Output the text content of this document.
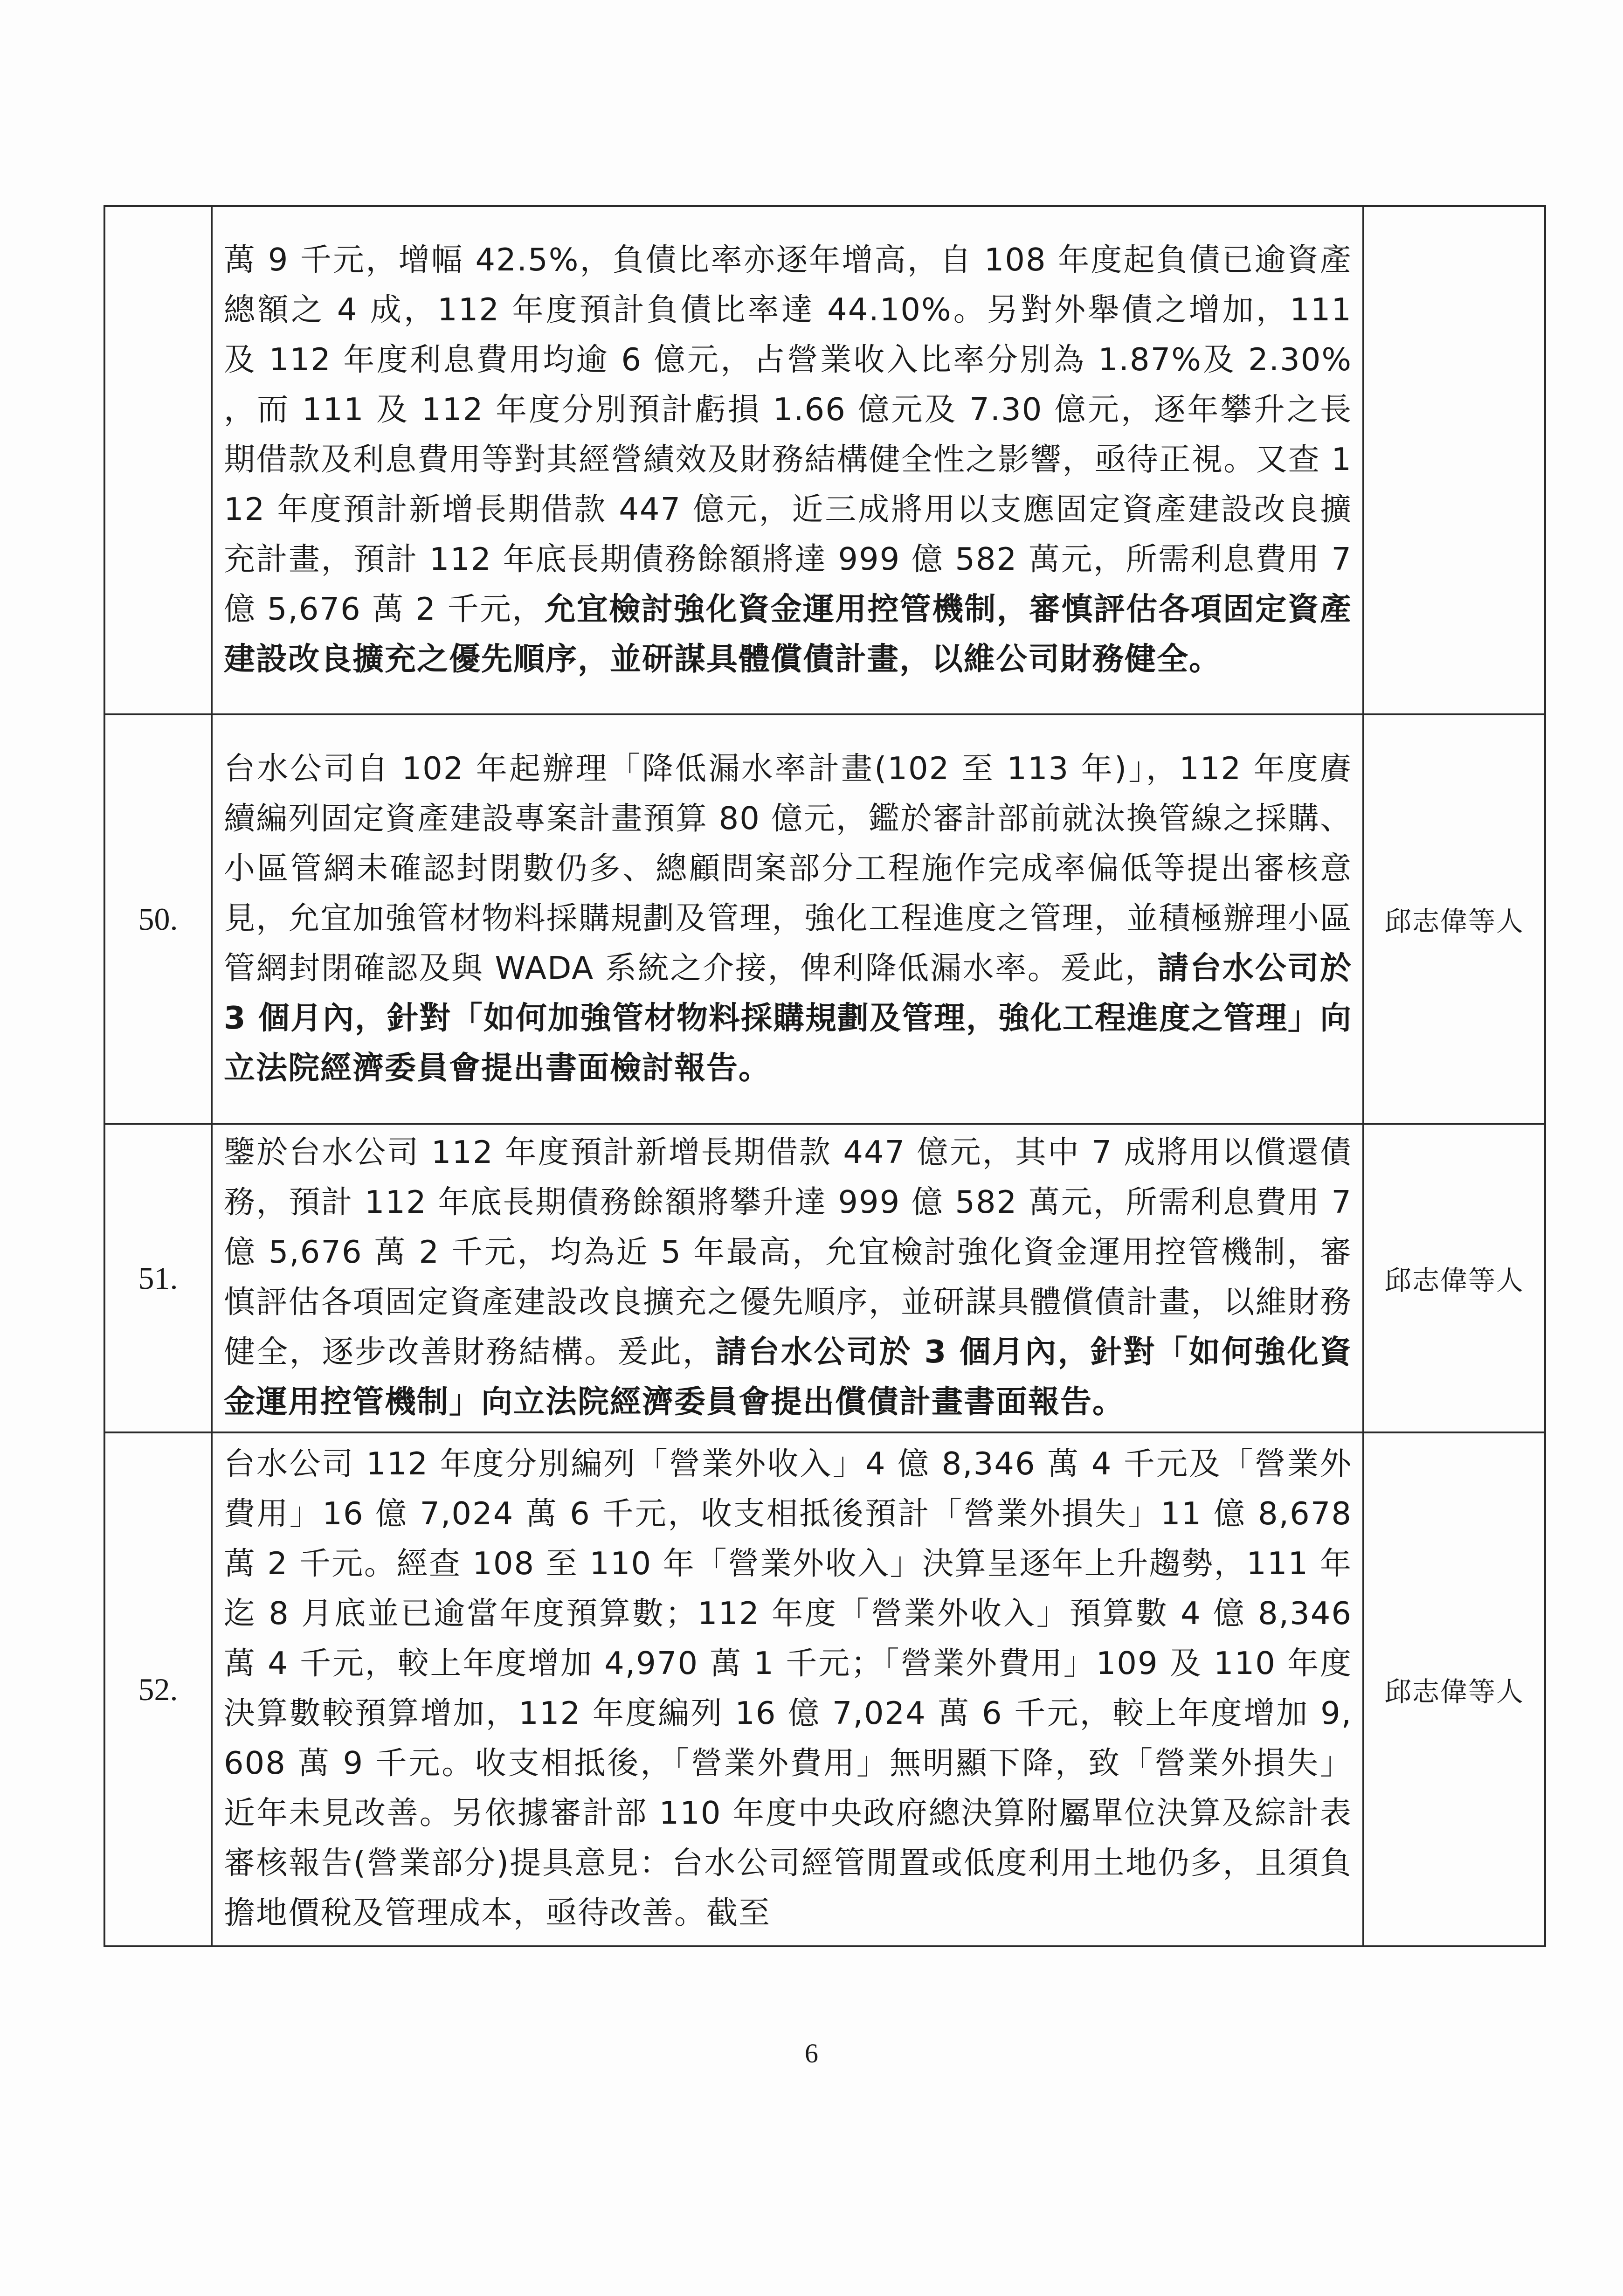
	萬 9 千元，增幅 42.5%，負債比率亦逐年增高，自 108 年度起負債已逾資產總額之 4 成，112 年度預計負債比率達 44.10%。另對外舉債之增加，111 及 112 年度利息費用均逾 6 億元，占營業收入比率分別為 1.87%及 2.30% ，而 111 及 112 年度分別預計虧損 1.66 億元及 7.30 億元，逐年攀升之長期借款及利息費用等對其經營績效及財務結構健全性之影響，亟待正視。又查 112 年度預計新增長期借款 447 億元，近三成將用以支應固定資產建設改良擴充計畫，預計 112 年底長期債務餘額將達 999 億 582 萬元，所需利息費用 7 億 5,676 萬 2 千元，允宜檢討強化資金運用控管機制，審慎評估各項固定資產建設改良擴充之優先順序，並研謀具體償債計畫，以維公司財務健全。	

50.	台水公司自 102 年起辦理「降低漏水率計畫(102 至 113 年)」，112 年度賡續編列固定資產建設專案計畫預算 80 億元，鑑於審計部前就汰換管線之採購、小區管網未確認封閉數仍多、總顧問案部分工程施作完成率偏低等提出審核意見，允宜加強管材物料採購規劃及管理，強化工程進度之管理，並積極辦理小區管網封閉確認及與 WADA 系統之介接，俾利降低漏水率。爰此，請台水公司於 3 個月內，針對「如何加強管材物料採購規劃及管理，強化工程進度之管理」向立法院經濟委員會提出書面檢討報告。	邱志偉等人
51.	鑒於台水公司 112 年度預計新增長期借款 447 億元，其中 7 成將用以償還債務，預計 112 年底長期債務餘額將攀升達 999 億 582 萬元，所需利息費用 7 億 5,676 萬 2 千元，均為近 5 年最高，允宜檢討強化資金運用控管機制，審慎評估各項固定資產建設改良擴充之優先順序，並研謀具體償債計畫，以維財務健全，逐步改善財務結構。爰此，請台水公司於 3 個月內，針對「如何強化資金運用控管機制」向立法院經濟委員會提出償債計畫書面報告。	邱志偉等人
52.	台水公司 112 年度分別編列「營業外收入」4 億 8,346 萬 4 千元及「營業外費用」16 億 7,024 萬 6 千元，收支相抵後預計「營業外損失」11 億 8,678 萬 2 千元。經查 108 至 110 年「營業外收入」決算呈逐年上升趨勢，111 年迄 8 月底並已逾當年度預算數；112 年度「營業外收入」預算數 4 億 8,346 萬 4 千元，較上年度增加 4,970 萬 1 千元；「營業外費用」109 及 110 年度決算數較預算增加，112 年度編列 16 億 7,024 萬 6 千元，較上年度增加 9,608 萬 9 千元。收支相抵後，「營業外費用」無明顯下降，致「營業外損失」近年未見改善。另依據審計部 110 年度中央政府總決算附屬單位決算及綜計表審核報告(營業部分)提具意見：台水公司經管閒置或低度利用土地仍多，且須負擔地價稅及管理成本，亟待改善。截至	邱志偉等人
6
